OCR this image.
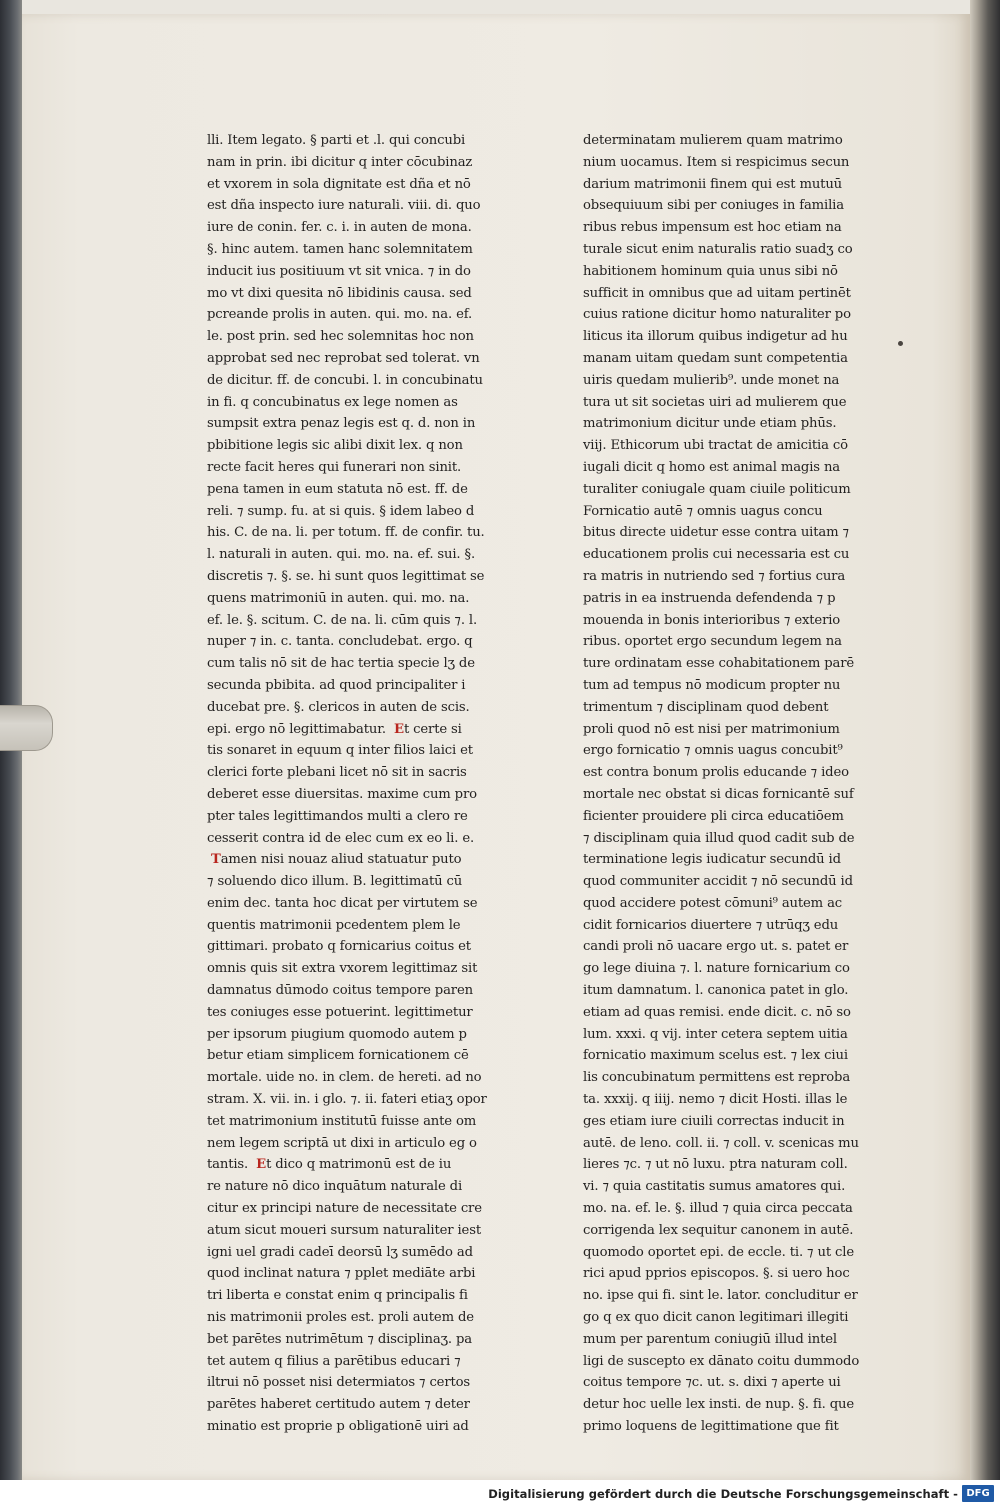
lli. Item legato. § parti et .l. qui concubi
nam in prin. ibi dicitur q inter cōcubinaz
et vxorem in sola dignitate est dña et nō
est dña inspecto iure naturali. viii. di. quo
iure de conin. fer. c. i. in auten de mona.
§. hinc autem. tamen hanc solemnitatem
inducit ius positiuum vt sit vnica. ⁊ in do
mo vt dixi quesita nō libidinis causa. sed
pcreande prolis in auten. qui. mo. na. ef.
le. post prin. sed hec solemnitas hoc non
approbat sed nec reprobat sed tolerat. vn
de dicitur. ff. de concubi. l. in concubinatu
in fi. q concubinatus ex lege nomen as
sumpsit extra penaz legis est q. d. non in
pbibitione legis sic alibi dixit lex. q non
recte facit heres qui funerari non sinit.
pena tamen in eum statuta nō est. ff. de
reli. ⁊ sump. fu. at si quis. § idem labeo d
his. C. de na. li. per totum. ff. de confir. tu.
l. naturali in auten. qui. mo. na. ef. sui. §.
discretis ⁊. §. se. hi sunt quos legittimat se
quens matrimoniū in auten. qui. mo. na.
ef. le. §. scitum. C. de na. li. cūm quis ⁊. l.
nuper ⁊ in. c. tanta. concludebat. ergo. q
cum talis nō sit de hac tertia specie lʒ de
secunda pbibita. ad quod principaliter i
ducebat pre. §. clericos in auten de scis.
epi. ergo nō legittimabatur.  Et certe si
tis sonaret in equum q inter filios laici et
clerici forte plebani licet nō sit in sacris
deberet esse diuersitas. maxime cum pro
pter tales legittimandos multi a clero re
cesserit contra id de elec cum ex eo li. e.
Tamen nisi nouaz aliud statuatur puto
⁊ soluendo dico illum. B. legittimatū cū
enim dec. tanta hoc dicat per virtutem se
quentis matrimonii pcedentem plem le
gittimari. probato q fornicarius coitus et
omnis quis sit extra vxorem legittimaz sit
damnatus dūmodo coitus tempore paren
tes coniuges esse potuerint. legittimetur
per ipsorum piugium quomodo autem p
betur etiam simplicem fornicationem cē
mortale. uide no. in clem. de hereti. ad no
stram. X. vii. in. i glo. ⁊. ii. fateri etiaʒ opor
tet matrimonium institutū fuisse ante om
nem legem scriptā ut dixi in articulo eg o
tantis.  Et dico q matrimonū est de iu
re nature nō dico inquātum naturale di
citur ex principi nature de necessitate cre
atum sicut moueri sursum naturaliter iest
igni uel gradi cadeī deorsū lʒ sumēdo ad
quod inclinat natura ⁊ pplet mediāte arbi
tri liberta e constat enim q principalis fi
nis matrimonii proles est. proli autem de
bet parētes nutrimētum ⁊ disciplinaʒ. pa
tet autem q filius a parētibus educari ⁊
iltrui nō posset nisi determiatos ⁊ certos
parētes haberet certitudo autem ⁊ deter
minatio est proprie p obligationē uiri ad
determinatam mulierem quam matrimo
nium uocamus. Item si respicimus secun
darium matrimonii finem qui est mutuū
obsequiuum sibi per coniuges in familia
ribus rebus impensum est hoc etiam na
turale sicut enim naturalis ratio suadʒ co
habitionem hominum quia unus sibi nō
sufficit in omnibus que ad uitam pertinēt
cuius ratione dicitur homo naturaliter po
liticus ita illorum quibus indigetur ad hu
manam uitam quedam sunt competentia
uiris quedam mulierib⁹. unde monet na
tura ut sit societas uiri ad mulierem que
matrimonium dicitur unde etiam phūs.
viij. Ethicorum ubi tractat de amicitia cō
iugali dicit q homo est animal magis na
turaliter coniugale quam ciuile politicum
Fornicatio autē ⁊ omnis uagus concu
bitus directe uidetur esse contra uitam ⁊
educationem prolis cui necessaria est cu
ra matris in nutriendo sed ⁊ fortius cura
patris in ea instruenda defendenda ⁊ p
mouenda in bonis interioribus ⁊ exterio
ribus. oportet ergo secundum legem na
ture ordinatam esse cohabitationem parē
tum ad tempus nō modicum propter nu
trimentum ⁊ disciplinam quod debent
proli quod nō est nisi per matrimonium
ergo fornicatio ⁊ omnis uagus concubit⁹
est contra bonum prolis educande ⁊ ideo
mortale nec obstat si dicas fornicantē suf
ficienter prouidere pli circa educatiōem
⁊ disciplinam quia illud quod cadit sub de
terminatione legis iudicatur secundū id
quod communiter accidit ⁊ nō secundū id
quod accidere potest cōmuni⁹ autem ac
cidit fornicarios diuertere ⁊ utrūqʒ edu
candi proli nō uacare ergo ut. s. patet er
go lege diuina ⁊. l. nature fornicarium co
itum damnatum. l. canonica patet in glo.
etiam ad quas remisi. ende dicit. c. nō so
lum. xxxi. q vij. inter cetera septem uitia
fornicatio maximum scelus est. ⁊ lex ciui
lis concubinatum permittens est reproba
ta. xxxij. q iiij. nemo ⁊ dicit Hosti. illas le
ges etiam iure ciuili correctas inducit in
autē. de leno. coll. ii. ⁊ coll. v. scenicas mu
lieres ⁊c. ⁊ ut nō luxu. ptra naturam coll.
vi. ⁊ quia castitatis sumus amatores qui.
mo. na. ef. le. §. illud ⁊ quia circa peccata
corrigenda lex sequitur canonem in autē.
quomodo oportet epi. de eccle. ti. ⁊ ut cle
rici apud pprios episcopos. §. si uero hoc
no. ipse qui fi. sint le. lator. concluditur er
go q ex quo dicit canon legitimari illegiti
mum per parentum coniugiū illud intel
ligi de suscepto ex dānato coitu dummodo
coitus tempore ⁊c. ut. s. dixi ⁊ aperte ui
detur hoc uelle lex insti. de nup. §. fi. que
primo loquens de legittimatione que fit
Digitalisierung gefördert durch die Deutsche Forschungsgemeinschaft - DFG
